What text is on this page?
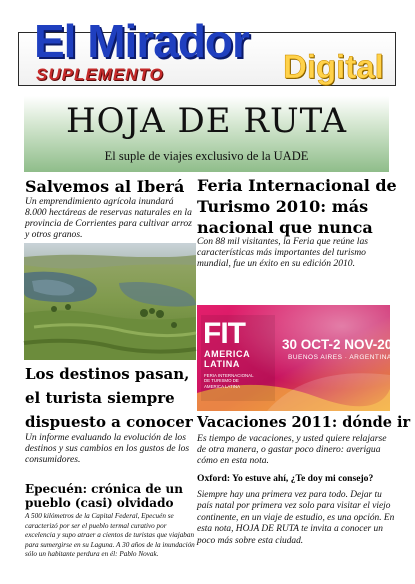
El Mirador
SUPLEMENTO	Digital
HOJA DE RUTA
El suple de viajes exclusivo de la UADE
Salvemos al Iberá
Un emprendimiento agrícola inundará 8.000 hectáreas de reservas naturales en la provincia de Corrientes para cultivar arroz y otros granos.
Feria Internacional de Turismo 2010: más nacional que nunca
Con 88 mil visitantes, la Feria que reúne las características más importantes del turismo mundial, fue un éxito en su edición 2010.
FIT
AMERICA
LATINA
FERIA INTERNACIONAL DE TURISMO DE AMERICA LATINA
30 OCT-2 NOV-2010
BUENOS AIRES · ARGENTINA
Los destinos pasan, el turista siempre dispuesto a conocer
Un informe evaluando la evolución de los destinos y sus cambios en los gustos de los consumidores.
Epecuén: crónica de un pueblo (casi) olvidado
A 500 kilómetros de la Capital Federal, Epecuén se caracterizó por ser el pueblo termal curativo por excelencia y supo atraer a cientos de turistas que viajaban para sumergirse en su Laguna. A 30 años de la inundación sólo un habitante perdura en él: Pablo Novak.
Vacaciones 2011: dónde ir
Es tiempo de vacaciones, y usted quiere relajarse de otra manera, o gastar poco dinero: averigua cómo en esta nota.
Oxford: Yo estuve ahí, ¿Te doy mi consejo?
Siempre hay una primera vez para todo. Dejar tu país natal por primera vez solo para visitar el viejo continente, en un viaje de estudio, es una opción. En esta nota, HOJA DE RUTA te invita a conocer un poco más sobre esta ciudad.
